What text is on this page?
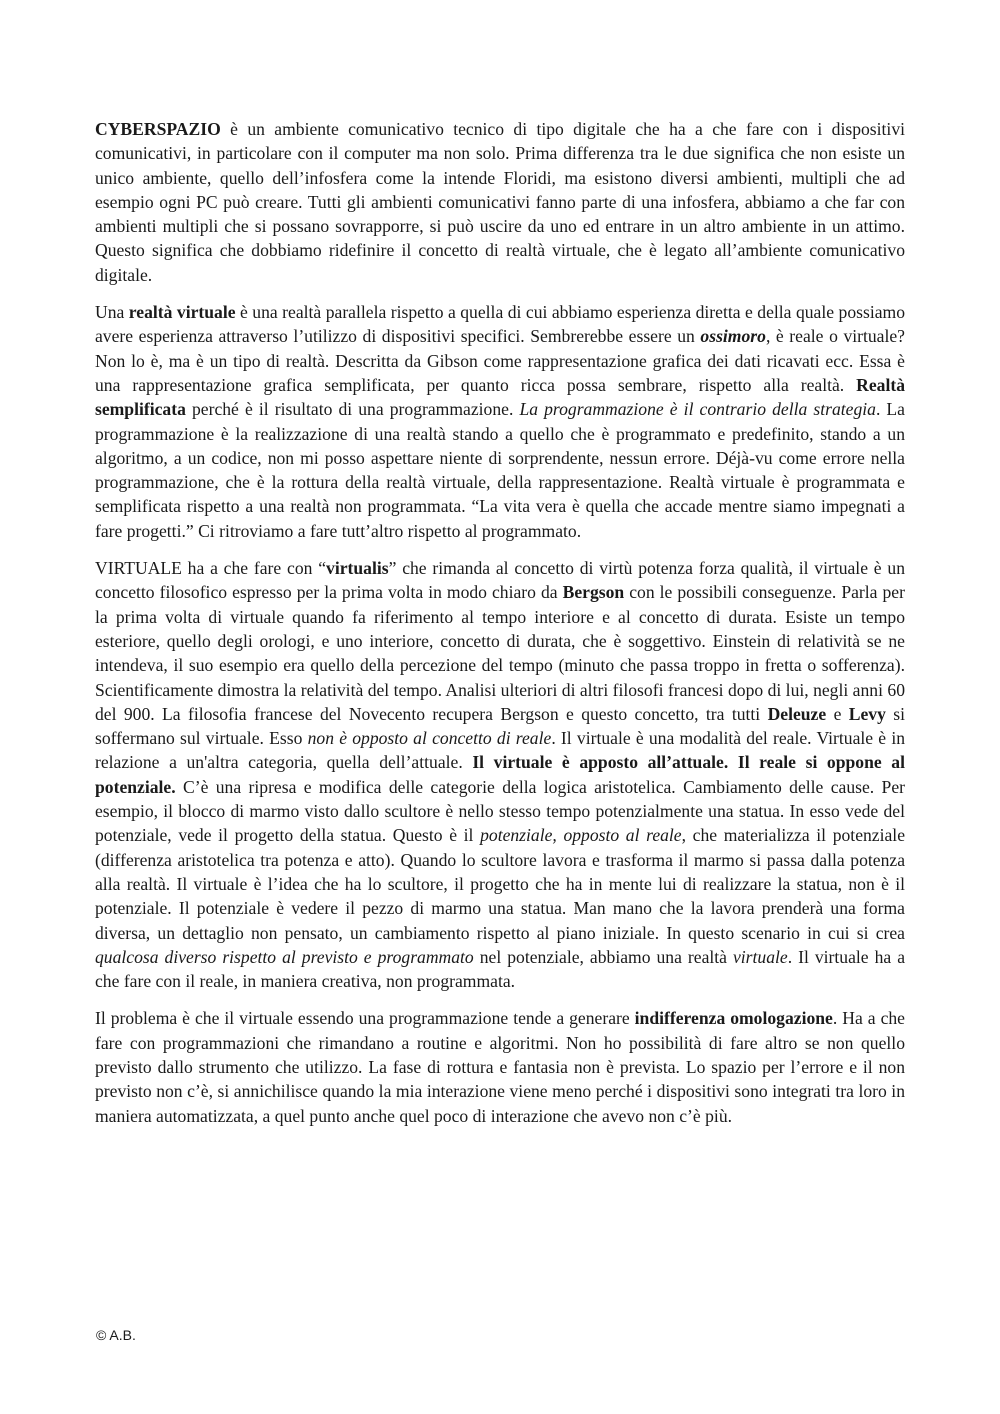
CYBERSPAZIO è un ambiente comunicativo tecnico di tipo digitale che ha a che fare con i dispositivi comunicativi, in particolare con il computer ma non solo. Prima differenza tra le due significa che non esiste un unico ambiente, quello dell’infosfera come la intende Floridi, ma esistono diversi ambienti, multipli che ad esempio ogni PC può creare. Tutti gli ambienti comunicativi fanno parte di una infosfera, abbiamo a che far con ambienti multipli che si possano sovrapporre, si può uscire da uno ed entrare in un altro ambiente in un attimo. Questo significa che dobbiamo ridefinire il concetto di realtà virtuale, che è legato all’ambiente comunicativo digitale.

Una realtà virtuale è una realtà parallela rispetto a quella di cui abbiamo esperienza diretta e della quale possiamo avere esperienza attraverso l’utilizzo di dispositivi specifici. Sembrerebbe essere un ossimoro, è reale o virtuale? Non lo è, ma è un tipo di realtà. Descritta da Gibson come rappresentazione grafica dei dati ricavati ecc. Essa è una rappresentazione grafica semplificata, per quanto ricca possa sembrare, rispetto alla realtà. Realtà semplificata perché è il risultato di una programmazione. La programmazione è il contrario della strategia. La programmazione è la realizzazione di una realtà stando a quello che è programmato e predefinito, stando a un algoritmo, a un codice, non mi posso aspettare niente di sorprendente, nessun errore. Déjà-vu come errore nella programmazione, che è la rottura della realtà virtuale, della rappresentazione. Realtà virtuale è programmata e semplificata rispetto a una realtà non programmata. “La vita vera è quella che accade mentre siamo impegnati a fare progetti.” Ci ritroviamo a fare tutt’altro rispetto al programmato.

VIRTUALE ha a che fare con “virtualis” che rimanda al concetto di virtù potenza forza qualità, il virtuale è un concetto filosofico espresso per la prima volta in modo chiaro da Bergson con le possibili conseguenze. Parla per la prima volta di virtuale quando fa riferimento al tempo interiore e al concetto di durata. Esiste un tempo esteriore, quello degli orologi, e uno interiore, concetto di durata, che è soggettivo. Einstein di relatività se ne intendeva, il suo esempio era quello della percezione del tempo (minuto che passa troppo in fretta o sofferenza). Scientificamente dimostra la relatività del tempo. Analisi ulteriori di altri filosofi francesi dopo di lui, negli anni 60 del 900. La filosofia francese del Novecento recupera Bergson e questo concetto, tra tutti Deleuze e Levy si soffermano sul virtuale. Esso non è opposto al concetto di reale. Il virtuale è una modalità del reale. Virtuale è in relazione a un'altra categoria, quella dell’attuale. Il virtuale è apposto all’attuale. Il reale si oppone al potenziale. C’è una ripresa e modifica delle categorie della logica aristotelica. Cambiamento delle cause. Per esempio, il blocco di marmo visto dallo scultore è nello stesso tempo potenzialmente una statua. In esso vede del potenziale, vede il progetto della statua. Questo è il potenziale, opposto al reale, che materializza il potenziale (differenza aristotelica tra potenza e atto). Quando lo scultore lavora e trasforma il marmo si passa dalla potenza alla realtà. Il virtuale è l’idea che ha lo scultore, il progetto che ha in mente lui di realizzare la statua, non è il potenziale. Il potenziale è vedere il pezzo di marmo una statua. Man mano che la lavora prenderà una forma diversa, un dettaglio non pensato, un cambiamento rispetto al piano iniziale. In questo scenario in cui si crea qualcosa diverso rispetto al previsto e programmato nel potenziale, abbiamo una realtà virtuale. Il virtuale ha a che fare con il reale, in maniera creativa, non programmata.

Il problema è che il virtuale essendo una programmazione tende a generare indifferenza omologazione. Ha a che fare con programmazioni che rimandano a routine e algoritmi. Non ho possibilità di fare altro se non quello previsto dallo strumento che utilizzo. La fase di rottura e fantasia non è prevista. Lo spazio per l’errore e il non previsto non c’è, si annichilisce quando la mia interazione viene meno perché i dispositivi sono integrati tra loro in maniera automatizzata, a quel punto anche quel poco di interazione che avevo non c’è più.

© A.B.
